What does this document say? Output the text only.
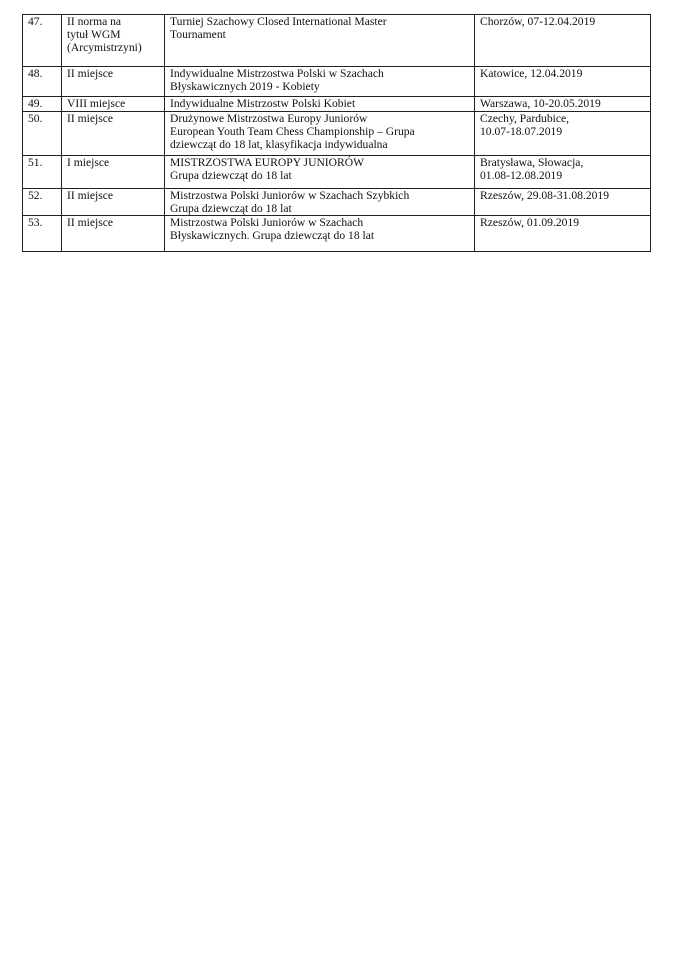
47.	II norma na
tytuł WGM
(Arcymistrzyni)	Turniej Szachowy Closed International Master
Tournament	Chorzów, 07-12.04.2019
48.	II miejsce	Indywidualne Mistrzostwa Polski w Szachach
Błyskawicznych 2019 - Kobiety	Katowice, 12.04.2019
49.	VIII miejsce	Indywidualne Mistrzostw Polski Kobiet	Warszawa, 10-20.05.2019
50.	II miejsce	Drużynowe Mistrzostwa Europy Juniorów
European Youth Team Chess Championship – Grupa
dziewcząt do 18 lat, klasyfikacja indywidualna	Czechy, Pardubice,
10.07-18.07.2019
51.	I miejsce	MISTRZOSTWA EUROPY JUNIORÓW
Grupa dziewcząt do 18 lat	Bratysława, Słowacja,
01.08-12.08.2019
52.	II miejsce	Mistrzostwa Polski Juniorów w Szachach Szybkich
Grupa dziewcząt do 18 lat	Rzeszów, 29.08-31.08.2019
53.	II miejsce	Mistrzostwa Polski Juniorów w Szachach
Błyskawicznych. Grupa dziewcząt do 18 lat	Rzeszów, 01.09.2019
